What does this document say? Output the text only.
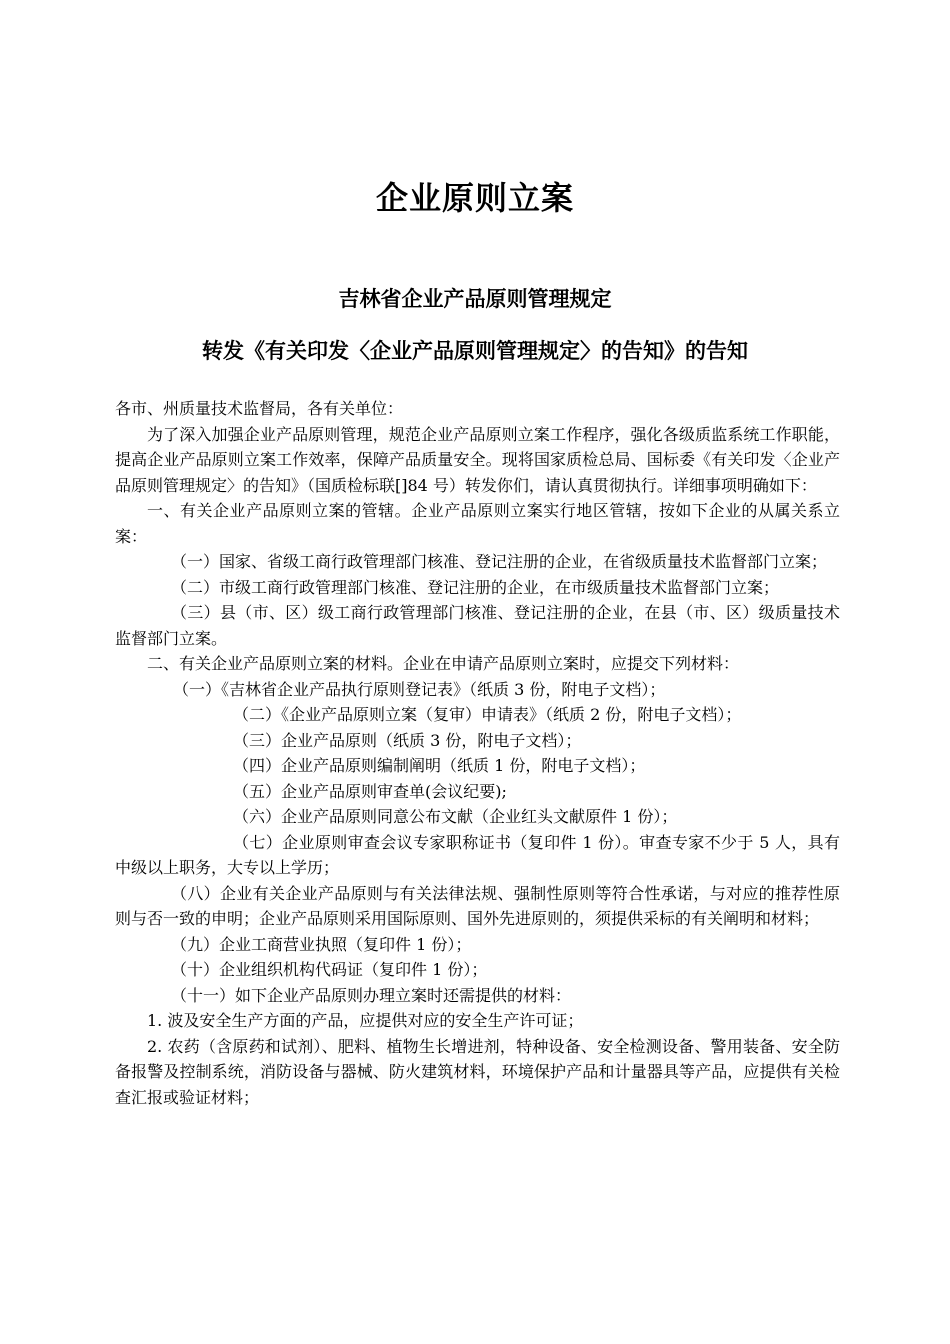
企业原则立案
吉林省企业产品原则管理规定
转发《有关印发〈企业产品原则管理规定〉的告知》的告知

各市、州质量技术监督局，各有关单位：

为了深入加强企业产品原则管理，规范企业产品原则立案工作程序，强化各级质监系统工作职能，提高企业产品原则立案工作效率，保障产品质量安全。现将国家质检总局、国标委《有关印发〈企业产品原则管理规定〉的告知》（国质检标联[]84 号）转发你们，请认真贯彻执行。详细事项明确如下：

一、有关企业产品原则立案的管辖。企业产品原则立案实行地区管辖，按如下企业的从属关系立案：

（一）国家、省级工商行政管理部门核准、登记注册的企业，在省级质量技术监督部门立案；

（二）市级工商行政管理部门核准、登记注册的企业，在市级质量技术监督部门立案；

（三）县（市、区）级工商行政管理部门核准、登记注册的企业，在县（市、区）级质量技术监督部门立案。

二、有关企业产品原则立案的材料。企业在申请产品原则立案时，应提交下列材料：

（一）《吉林省企业产品执行原则登记表》（纸质 3 份，附电子文档）；

（二）《企业产品原则立案（复审）申请表》（纸质 2 份，附电子文档）；

（三）企业产品原则（纸质 3 份，附电子文档）；

（四）企业产品原则编制阐明（纸质 1 份，附电子文档）；

（五）企业产品原则审查单(会议纪要);

（六）企业产品原则同意公布文献（企业红头文献原件 1 份）；

（七）企业原则审查会议专家职称证书（复印件 1 份）。审查专家不少于 5 人，具有中级以上职务，大专以上学历；

（八）企业有关企业产品原则与有关法律法规、强制性原则等符合性承诺，与对应的推荐性原则与否一致的申明；企业产品原则采用国际原则、国外先进原则的，须提供采标的有关阐明和材料；

（九）企业工商营业执照（复印件 1 份）；

（十）企业组织机构代码证（复印件 1 份）；

（十一）如下企业产品原则办理立案时还需提供的材料：

1. 波及安全生产方面的产品，应提供对应的安全生产许可证；

2. 农药（含原药和试剂）、肥料、植物生长增进剂，特种设备、安全检测设备、警用装备、安全防备报警及控制系统，消防设备与器械、防火建筑材料，环境保护产品和计量器具等产品，应提供有关检查汇报或验证材料；
